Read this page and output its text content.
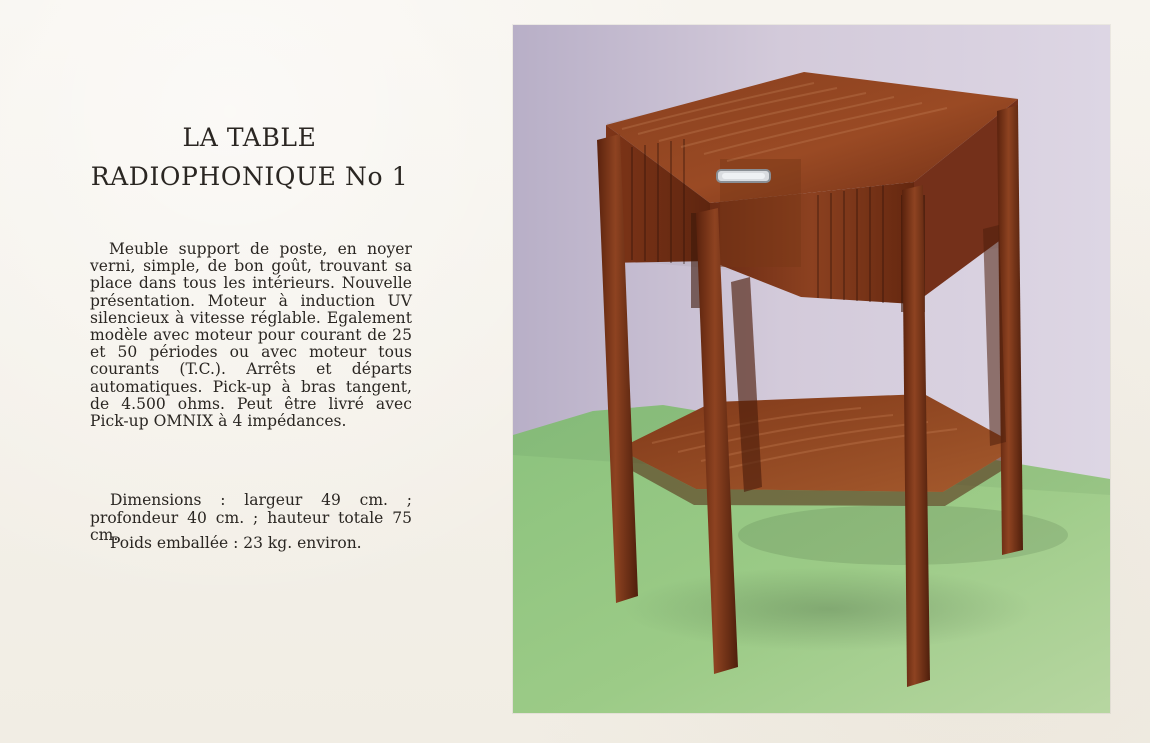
LA TABLE
RADIOPHONIQUE No 1
Meuble support de poste, en noyer verni, simple, de bon goût, trouvant sa place dans tous les intérieurs. Nouvelle présentation. Moteur à induction UV silencieux à vitesse réglable. Egalement modèle avec moteur pour courant de 25 et 50 périodes ou avec moteur tous courants (T.C.). Arrêts et départs automatiques. Pick-up à bras tangent, de 4.500 ohms. Peut être livré avec Pick-up OMNIX à 4 impédances.
Dimensions : largeur 49 cm. ; profondeur 40 cm. ; hauteur totale 75 cm.
Poids emballée : 23 kg. environ.
